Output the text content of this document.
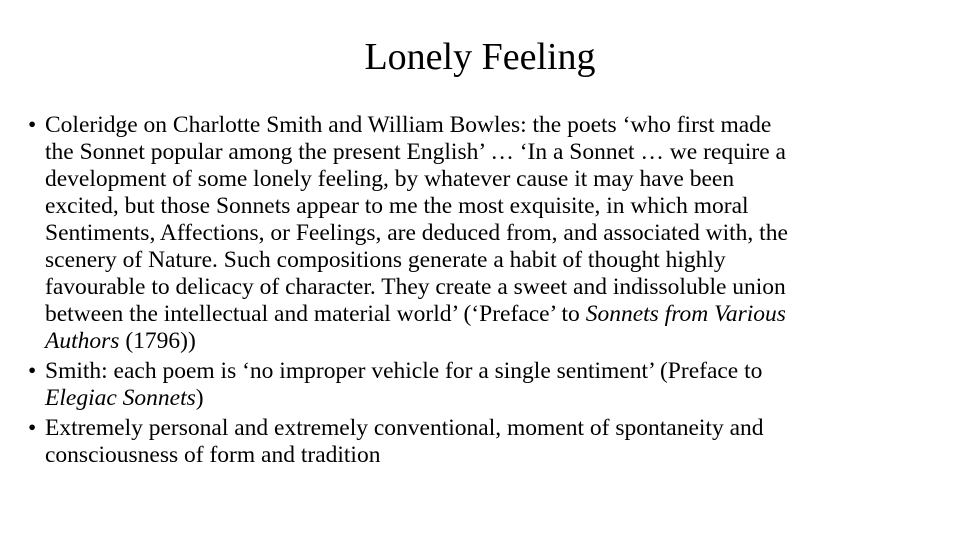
Lonely Feeling
• Coleridge on Charlotte Smith and William Bowles: the poets ‘who first made
the Sonnet popular among the present English’ … ‘In a Sonnet … we require a
development of some lonely feeling, by whatever cause it may have been
excited, but those Sonnets appear to me the most exquisite, in which moral
Sentiments, Affections, or Feelings, are deduced from, and associated with, the
scenery of Nature. Such compositions generate a habit of thought highly
favourable to delicacy of character. They create a sweet and indissoluble union
between the intellectual and material world’ (‘Preface’ to Sonnets from Various
Authors (1796))
• Smith: each poem is ‘no improper vehicle for a single sentiment’ (Preface to
Elegiac Sonnets)
• Extremely personal and extremely conventional, moment of spontaneity and
consciousness of form and tradition
